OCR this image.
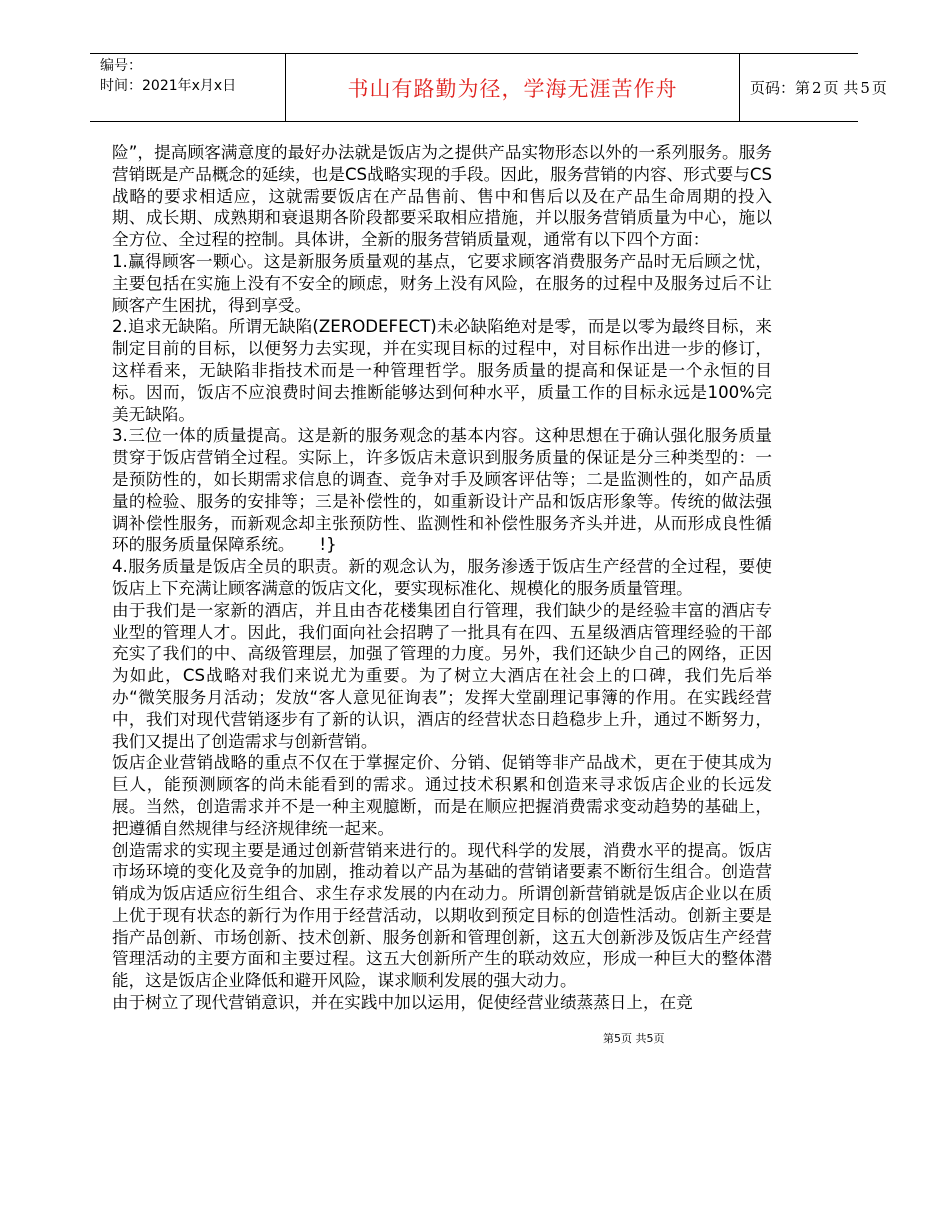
编号：
时间：2021年x月x日	书山有路勤为径，学海无涯苦作舟	页码：第 2 页 共 5 页

险”，提高顾客满意度的最好办法就是饭店为之提供产品实物形态以外的一系列服务。服务营销既是产品概念的延续，也是CS战略实现的手段。因此，服务营销的内容、形式要与CS战略的要求相适应，这就需要饭店在产品售前、售中和售后以及在产品生命周期的投入期、成长期、成熟期和衰退期各阶段都要采取相应措施，并以服务营销质量为中心，施以全方位、全过程的控制。具体讲，全新的服务营销质量观，通常有以下四个方面：

1.赢得顾客一颗心。这是新服务质量观的基点，它要求顾客消费服务产品时无后顾之忧，主要包括在实施上没有不安全的顾虑，财务上没有风险，在服务的过程中及服务过后不让顾客产生困扰，得到享受。

2.追求无缺陷。所谓无缺陷(ZERODEFECT)未必缺陷绝对是零，而是以零为最终目标，来制定目前的目标，以便努力去实现，并在实现目标的过程中，对目标作出进一步的修订，这样看来，无缺陷非指技术而是一种管理哲学。服务质量的提高和保证是一个永恒的目标。因而，饭店不应浪费时间去推断能够达到何种水平，质量工作的目标永远是100%完美无缺陷。

3.三位一体的质量提高。这是新的服务观念的基本内容。这种思想在于确认强化服务质量贯穿于饭店营销全过程。实际上，许多饭店未意识到服务质量的保证是分三种类型的：一是预防性的，如长期需求信息的调查、竞争对手及顾客评估等；二是监测性的，如产品质量的检验、服务的安排等；三是补偿性的，如重新设计产品和饭店形象等。传统的做法强调补偿性服务，而新观念却主张预防性、监测性和补偿性服务齐头并进，从而形成良性循环的服务质量保障系统。　　!}

4.服务质量是饭店全员的职责。新的观念认为，服务渗透于饭店生产经营的全过程，要使饭店上下充满让顾客满意的饭店文化，要实现标准化、规模化的服务质量管理。

由于我们是一家新的酒店，并且由杏花楼集团自行管理，我们缺少的是经验丰富的酒店专业型的管理人才。因此，我们面向社会招聘了一批具有在四、五星级酒店管理经验的干部充实了我们的中、高级管理层，加强了管理的力度。另外，我们还缺少自己的网络，正因为如此，CS战略对我们来说尤为重要。为了树立大酒店在社会上的口碑，我们先后举办“微笑服务月活动；发放“客人意见征询表”；发挥大堂副理记事簿的作用。在实践经营中，我们对现代营销逐步有了新的认识，酒店的经营状态日趋稳步上升，通过不断努力，我们又提出了创造需求与创新营销。

饭店企业营销战略的重点不仅在于掌握定价、分销、促销等非产品战术，更在于使其成为巨人，能预测顾客的尚未能看到的需求。通过技术积累和创造来寻求饭店企业的长远发展。当然，创造需求并不是一种主观臆断，而是在顺应把握消费需求变动趋势的基础上，把遵循自然规律与经济规律统一起来。

创造需求的实现主要是通过创新营销来进行的。现代科学的发展，消费水平的提高。饭店市场环境的变化及竞争的加剧，推动着以产品为基础的营销诸要素不断衍生组合。创造营销成为饭店适应衍生组合、求生存求发展的内在动力。所谓创新营销就是饭店企业以在质上优于现有状态的新行为作用于经营活动，以期收到预定目标的创造性活动。创新主要是指产品创新、市场创新、技术创新、服务创新和管理创新，这五大创新涉及饭店生产经营管理活动的主要方面和主要过程。这五大创新所产生的联动效应，形成一种巨大的整体潜能，这是饭店企业降低和避开风险，谋求顺利发展的强大动力。

由于树立了现代营销意识，并在实践中加以运用，促使经营业绩蒸蒸日上，在竞

第5页 共5页
